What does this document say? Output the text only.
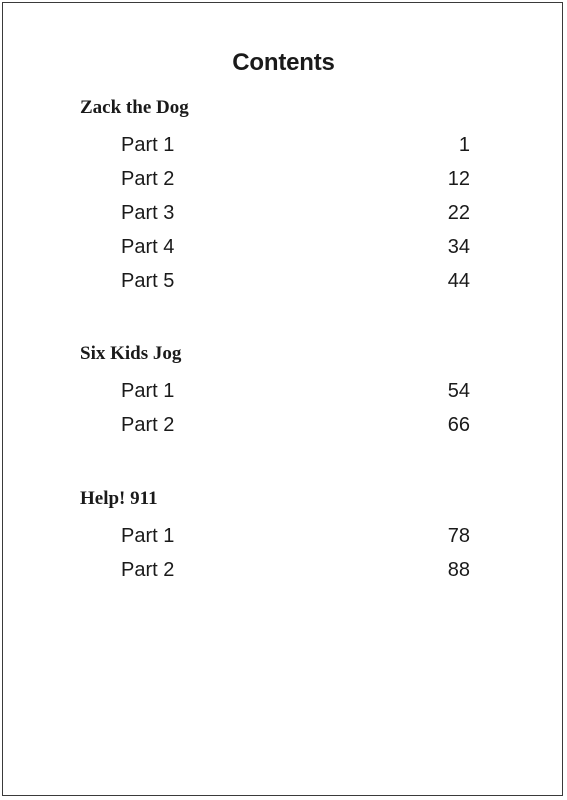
Contents
Zack the Dog
Part 1	1
Part 2	12
Part 3	22
Part 4	34
Part 5	44
Six Kids Jog
Part 1	54
Part 2	66
Help! 911
Part 1	78
Part 2	88
